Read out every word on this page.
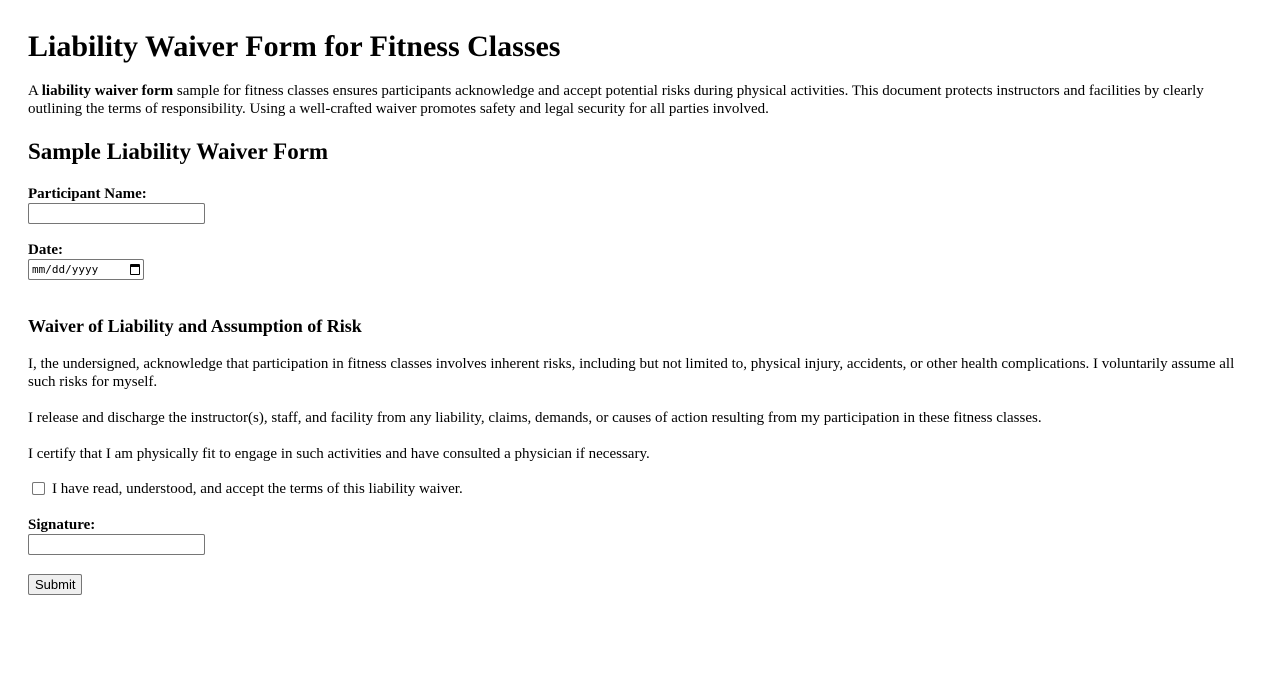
Liability Waiver Form for Fitness Classes

A liability waiver form sample for fitness classes ensures participants acknowledge and accept potential risks during physical activities. This document protects instructors and facilities by clearly outlining the terms of responsibility. Using a well-crafted waiver promotes safety and legal security for all parties involved.

Sample Liability Waiver Form
Participant Name:
Date:
mm/dd/yyyy
Waiver of Liability and Assumption of Risk

I, the undersigned, acknowledge that participation in fitness classes involves inherent risks, including but not limited to, physical injury, accidents, or other health complications. I voluntarily assume all such risks for myself.

I release and discharge the instructor(s), staff, and facility from any liability, claims, demands, or causes of action resulting from my participation in these fitness classes.

I certify that I am physically fit to engage in such activities and have consulted a physician if necessary.

I have read, understood, and accept the terms of this liability waiver.
Signature:
Submit
